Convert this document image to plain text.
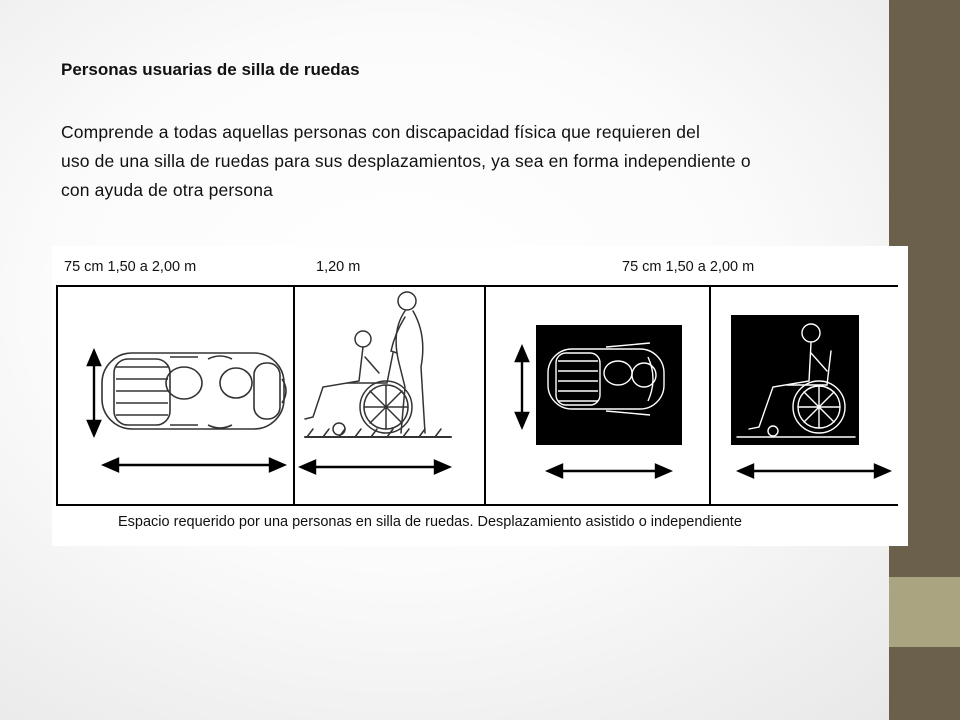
Personas usuarias de silla de ruedas
Comprende a todas aquellas personas con discapacidad física que requieren del
uso de una silla de ruedas para sus desplazamientos, ya sea en forma independiente o
con ayuda de otra persona
75 cm 1,50 a 2,00 m	1,20 m	75 cm 1,50 a 2,00 m
Espacio requerido por una personas en silla de ruedas. Desplazamiento asistido o independiente
